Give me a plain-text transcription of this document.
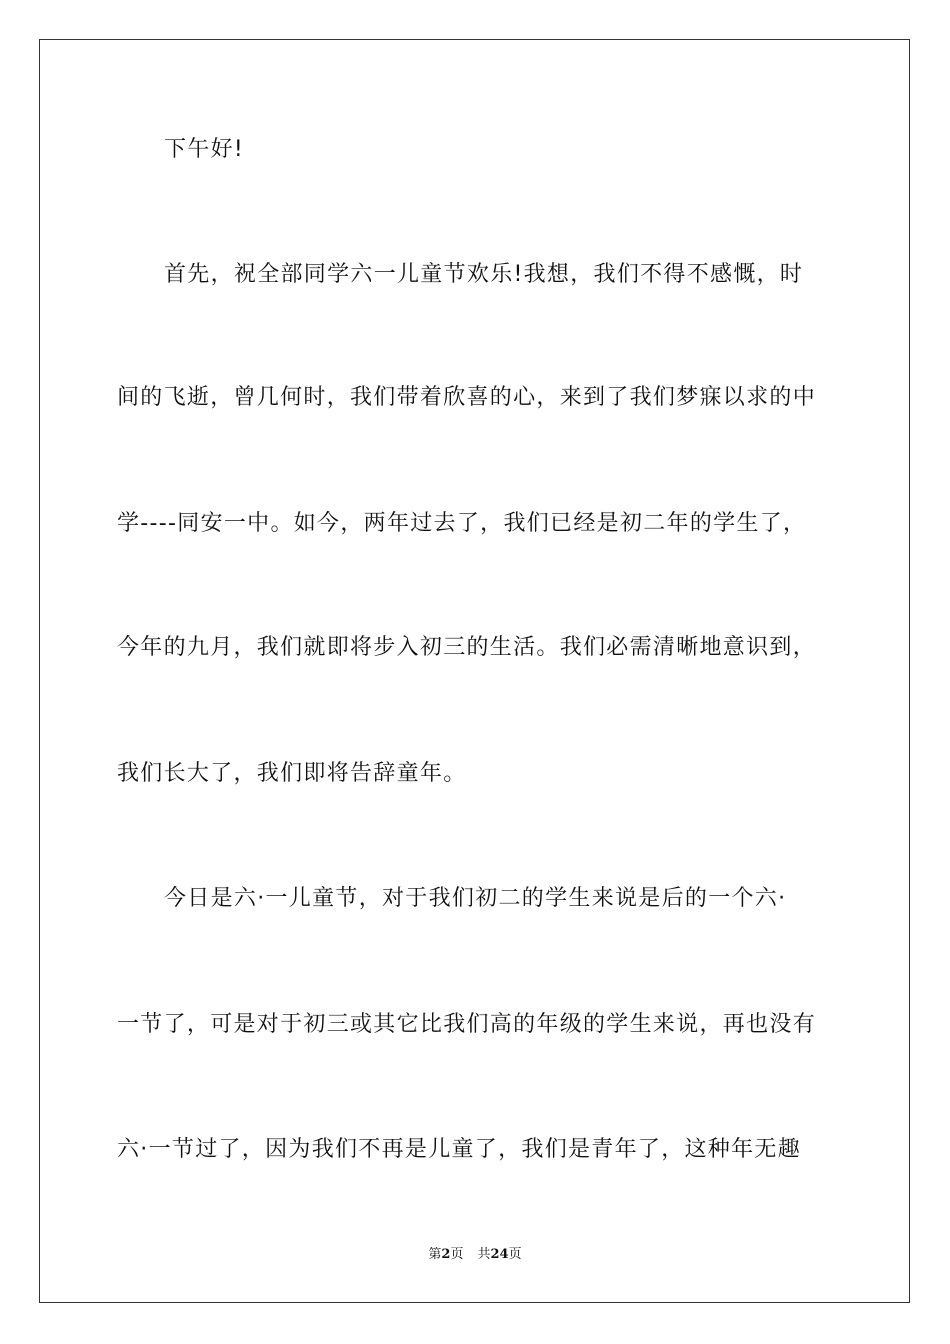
下午好!
首先，祝全部同学六一儿童节欢乐!我想，我们不得不感慨，时
间的飞逝，曾几何时，我们带着欣喜的心，来到了我们梦寐以求的中
学----同安一中。如今，两年过去了，我们已经是初二年的学生了，
今年的九月，我们就即将步入初三的生活。我们必需清晰地意识到，
我们长大了，我们即将告辞童年。
今日是六·一儿童节，对于我们初二的学生来说是后的一个六·
一节了，可是对于初三或其它比我们高的年级的学生来说，再也没有
六·一节过了，因为我们不再是儿童了，我们是青年了，这种年无趣
第2页 共24页
